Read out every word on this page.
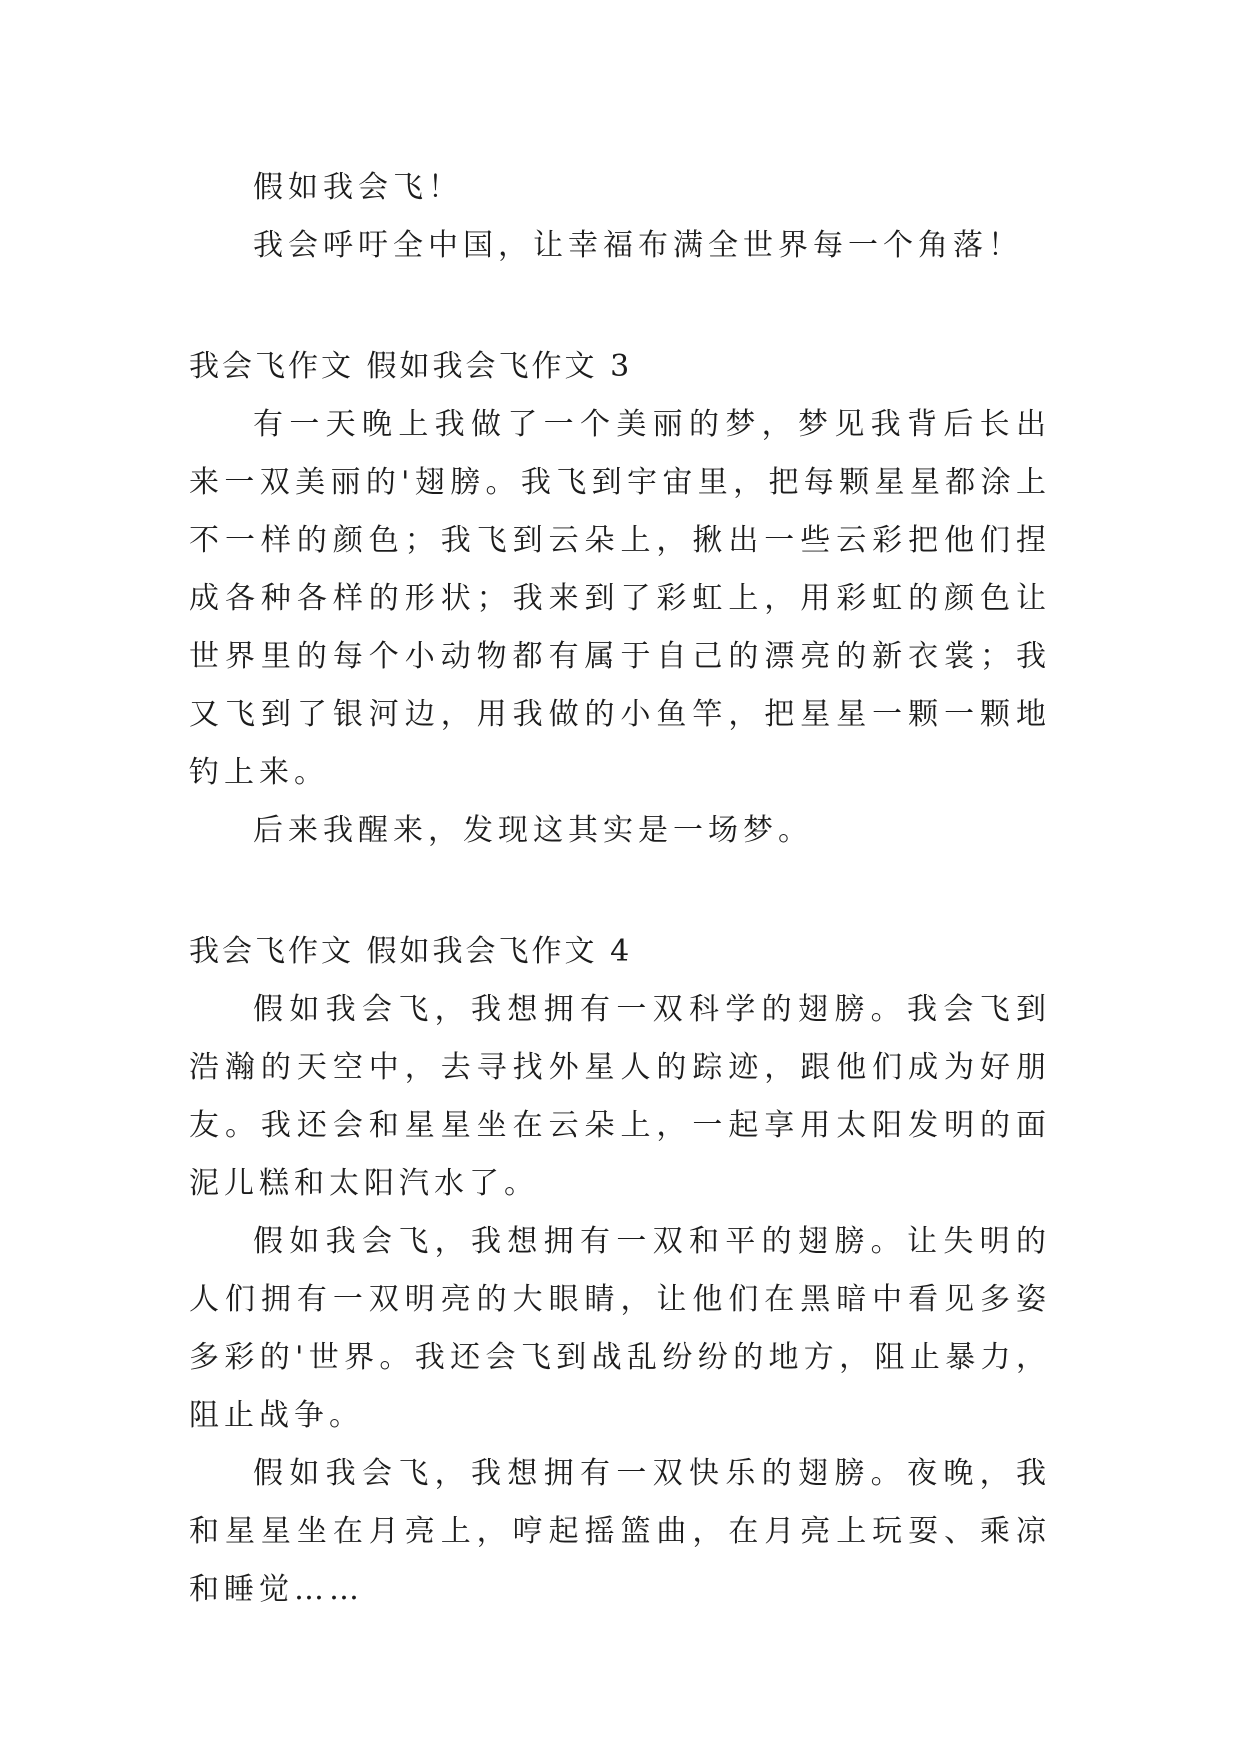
假如我会飞！

我会呼吁全中国，让幸福布满全世界每一个角落！

我会飞作文 假如我会飞作文 3

有一天晚上我做了一个美丽的梦，梦见我背后长出来一双美丽的'翅膀。我飞到宇宙里，把每颗星星都涂上不一样的颜色；我飞到云朵上，揪出一些云彩把他们捏成各种各样的形状；我来到了彩虹上，用彩虹的颜色让世界里的每个小动物都有属于自己的漂亮的新衣裳；我又飞到了银河边，用我做的小鱼竿，把星星一颗一颗地钓上来。

后来我醒来，发现这其实是一场梦。

我会飞作文 假如我会飞作文 4

假如我会飞，我想拥有一双科学的翅膀。我会飞到浩瀚的天空中，去寻找外星人的踪迹，跟他们成为好朋友。我还会和星星坐在云朵上，一起享用太阳发明的面泥儿糕和太阳汽水了。

假如我会飞，我想拥有一双和平的翅膀。让失明的人们拥有一双明亮的大眼睛，让他们在黑暗中看见多姿多彩的'世界。我还会飞到战乱纷纷的地方，阻止暴力，阻止战争。

假如我会飞，我想拥有一双快乐的翅膀。夜晚，我和星星坐在月亮上，哼起摇篮曲，在月亮上玩耍、乘凉和睡觉……
